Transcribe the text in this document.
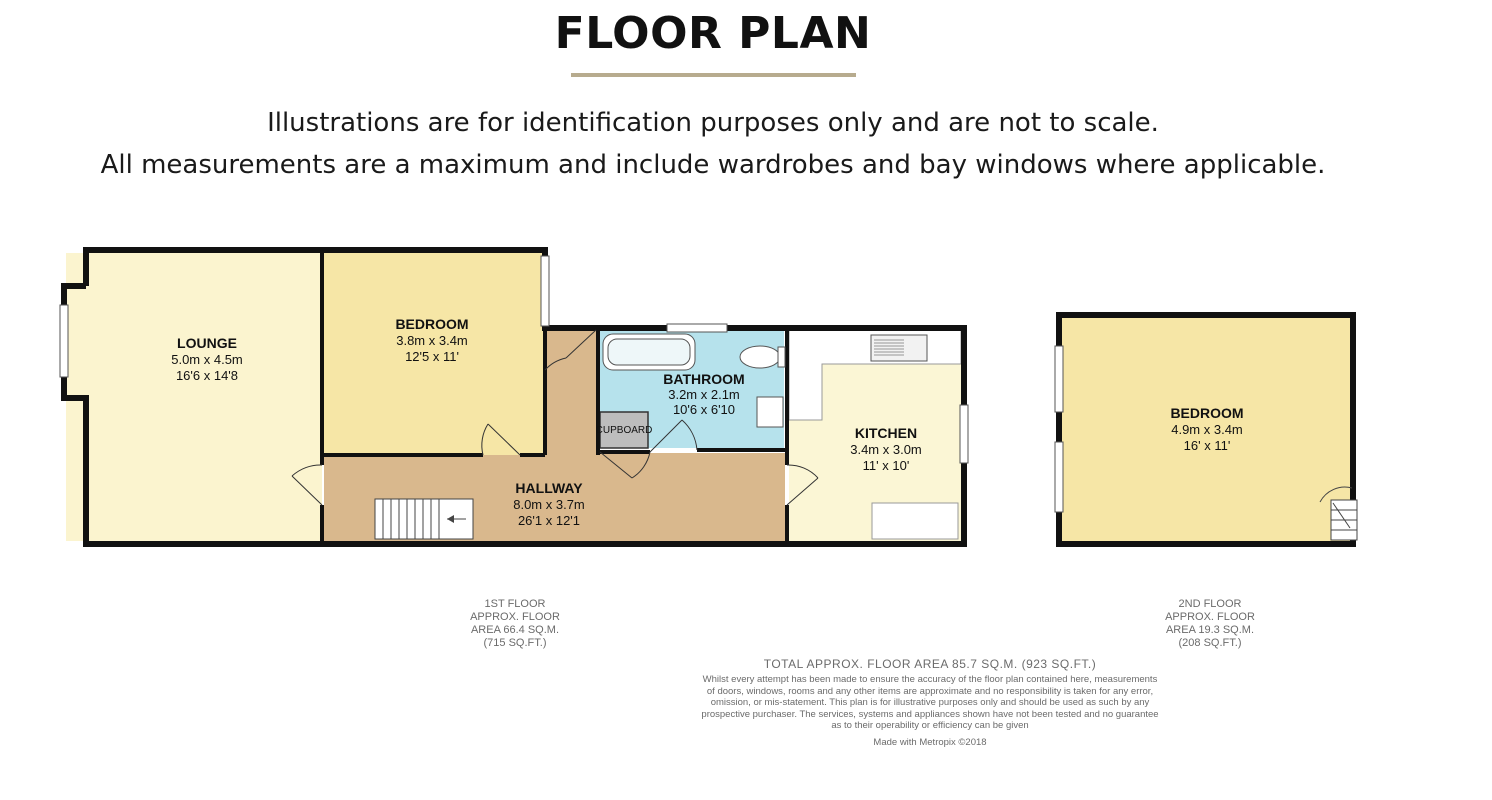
FLOOR PLAN
Illustrations are for identification purposes only and are not to scale.
All measurements are a maximum and include wardrobes and bay windows where applicable.
LOUNGE
5.0m x 4.5m
16'6 x 14'8
BEDROOM
3.8m x 3.4m
12'5 x 11'
BATHROOM
3.2m x 2.1m
10'6 x 6'10
CUPBOARD	KITCHEN
3.4m x 3.0m
11' x 10'
HALLWAY
8.0m x 3.7m
26'1 x 12'1
BEDROOM
4.9m x 3.4m
16' x 11'
1ST FLOOR
APPROX. FLOOR
AREA 66.4 SQ.M.
(715 SQ.FT.)
2ND FLOOR
APPROX. FLOOR
AREA 19.3 SQ.M.
(208 SQ.FT.)
TOTAL APPROX. FLOOR AREA 85.7 SQ.M. (923 SQ.FT.)
Whilst every attempt has been made to ensure the accuracy of the floor plan contained here, measurements
of doors, windows, rooms and any other items are approximate and no responsibility is taken for any error,
omission, or mis-statement. This plan is for illustrative purposes only and should be used as such by any
prospective purchaser. The services, systems and appliances shown have not been tested and no guarantee
as to their operability or efficiency can be given
Made with Metropix ©2018
